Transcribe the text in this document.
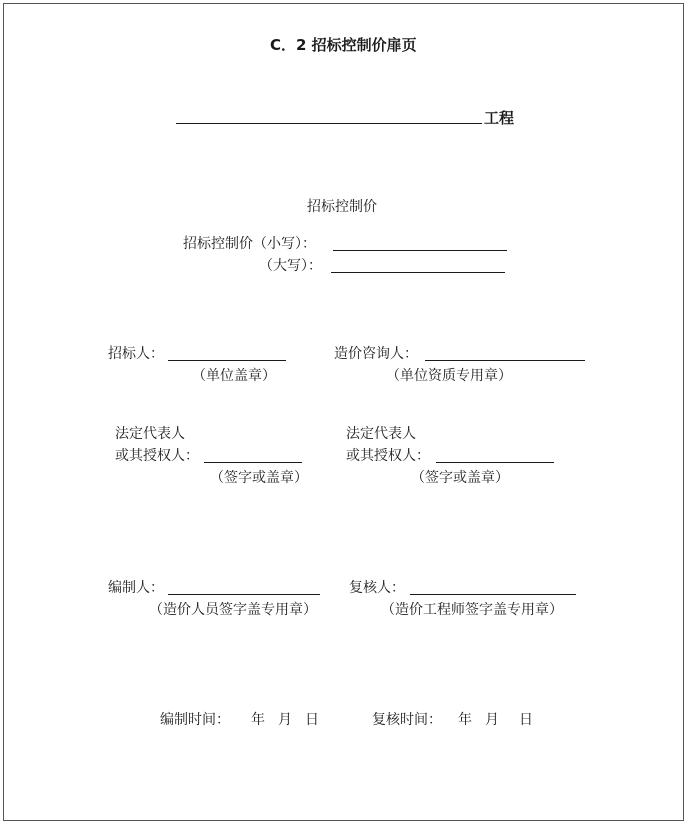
C．2 招标控制价扉页
工程
招标控制价
招标控制价（小写）：
（大写）：
招标人：
（单位盖章）
造价咨询人：
（单位资质专用章）
法定代表人
或其授权人：
（签字或盖章）
法定代表人
或其授权人：
（签字或盖章）
编制人：
（造价人员签字盖专用章）
复核人：
（造价工程师签字盖专用章）
编制时间： 年 月 日	复核时间： 年 月 日
